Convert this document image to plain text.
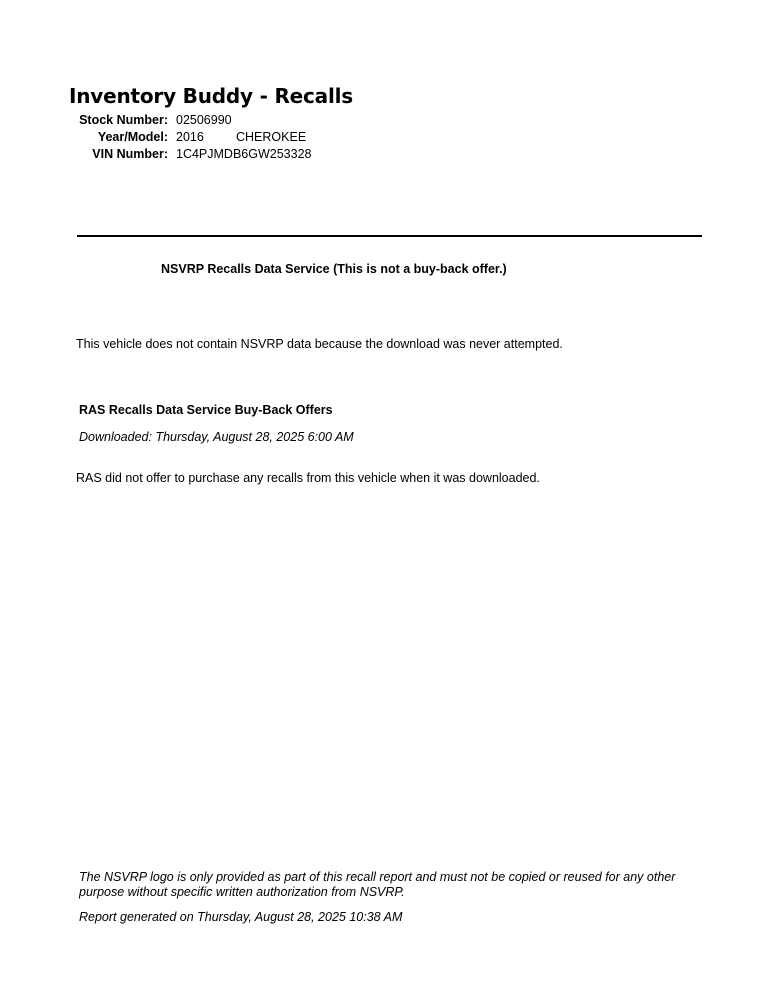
Inventory Buddy - Recalls
Stock Number: 02506990
Year/Model: 2016	CHEROKEE
VIN Number: 1C4PJMDB6GW253328
NSVRP Recalls Data Service (This is not a buy-back offer.)
This vehicle does not contain NSVRP data because the download was never attempted.
RAS Recalls Data Service Buy-Back Offers
Downloaded: Thursday, August 28, 2025 6:00 AM
RAS did not offer to purchase any recalls from this vehicle when it was downloaded.
The NSVRP logo is only provided as part of this recall report and must not be copied or reused for any other purpose without specific written authorization from NSVRP.
Report generated on Thursday, August 28, 2025 10:38 AM
